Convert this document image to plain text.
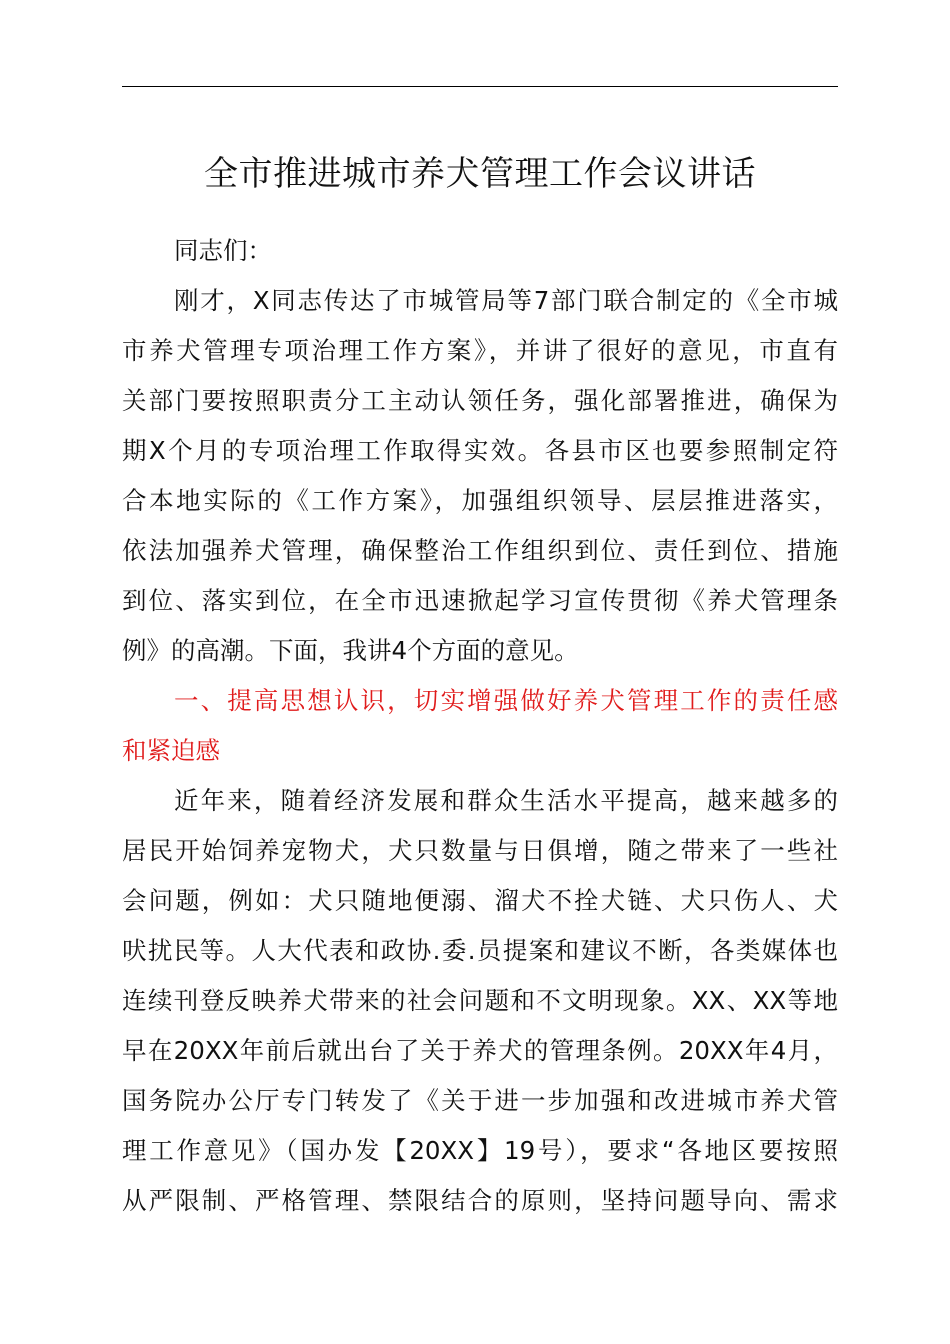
全市推进城市养犬管理工作会议讲话
同志们：
刚才，X同志传达了市城管局等7部门联合制定的《全市城
市养犬管理专项治理工作方案》，并讲了很好的意见，市直有
关部门要按照职责分工主动认领任务，强化部署推进，确保为
期X个月的专项治理工作取得实效。各县市区也要参照制定符
合本地实际的《工作方案》，加强组织领导、层层推进落实，
依法加强养犬管理，确保整治工作组织到位、责任到位、措施
到位、落实到位，在全市迅速掀起学习宣传贯彻《养犬管理条
例》的高潮。下面，我讲4个方面的意见。
一、提高思想认识，切实增强做好养犬管理工作的责任感
和紧迫感
近年来，随着经济发展和群众生活水平提高，越来越多的
居民开始饲养宠物犬，犬只数量与日俱增，随之带来了一些社
会问题，例如：犬只随地便溺、溜犬不拴犬链、犬只伤人、犬
吠扰民等。人大代表和政协.委.员提案和建议不断，各类媒体也
连续刊登反映养犬带来的社会问题和不文明现象。XX、XX等地
早在20XX年前后就出台了关于养犬的管理条例。20XX年4月，
国务院办公厅专门转发了《关于进一步加强和改进城市养犬管
理工作意见》（国办发【20XX】19号），要求“各地区要按照
从严限制、严格管理、禁限结合的原则，坚持问题导向、需求
